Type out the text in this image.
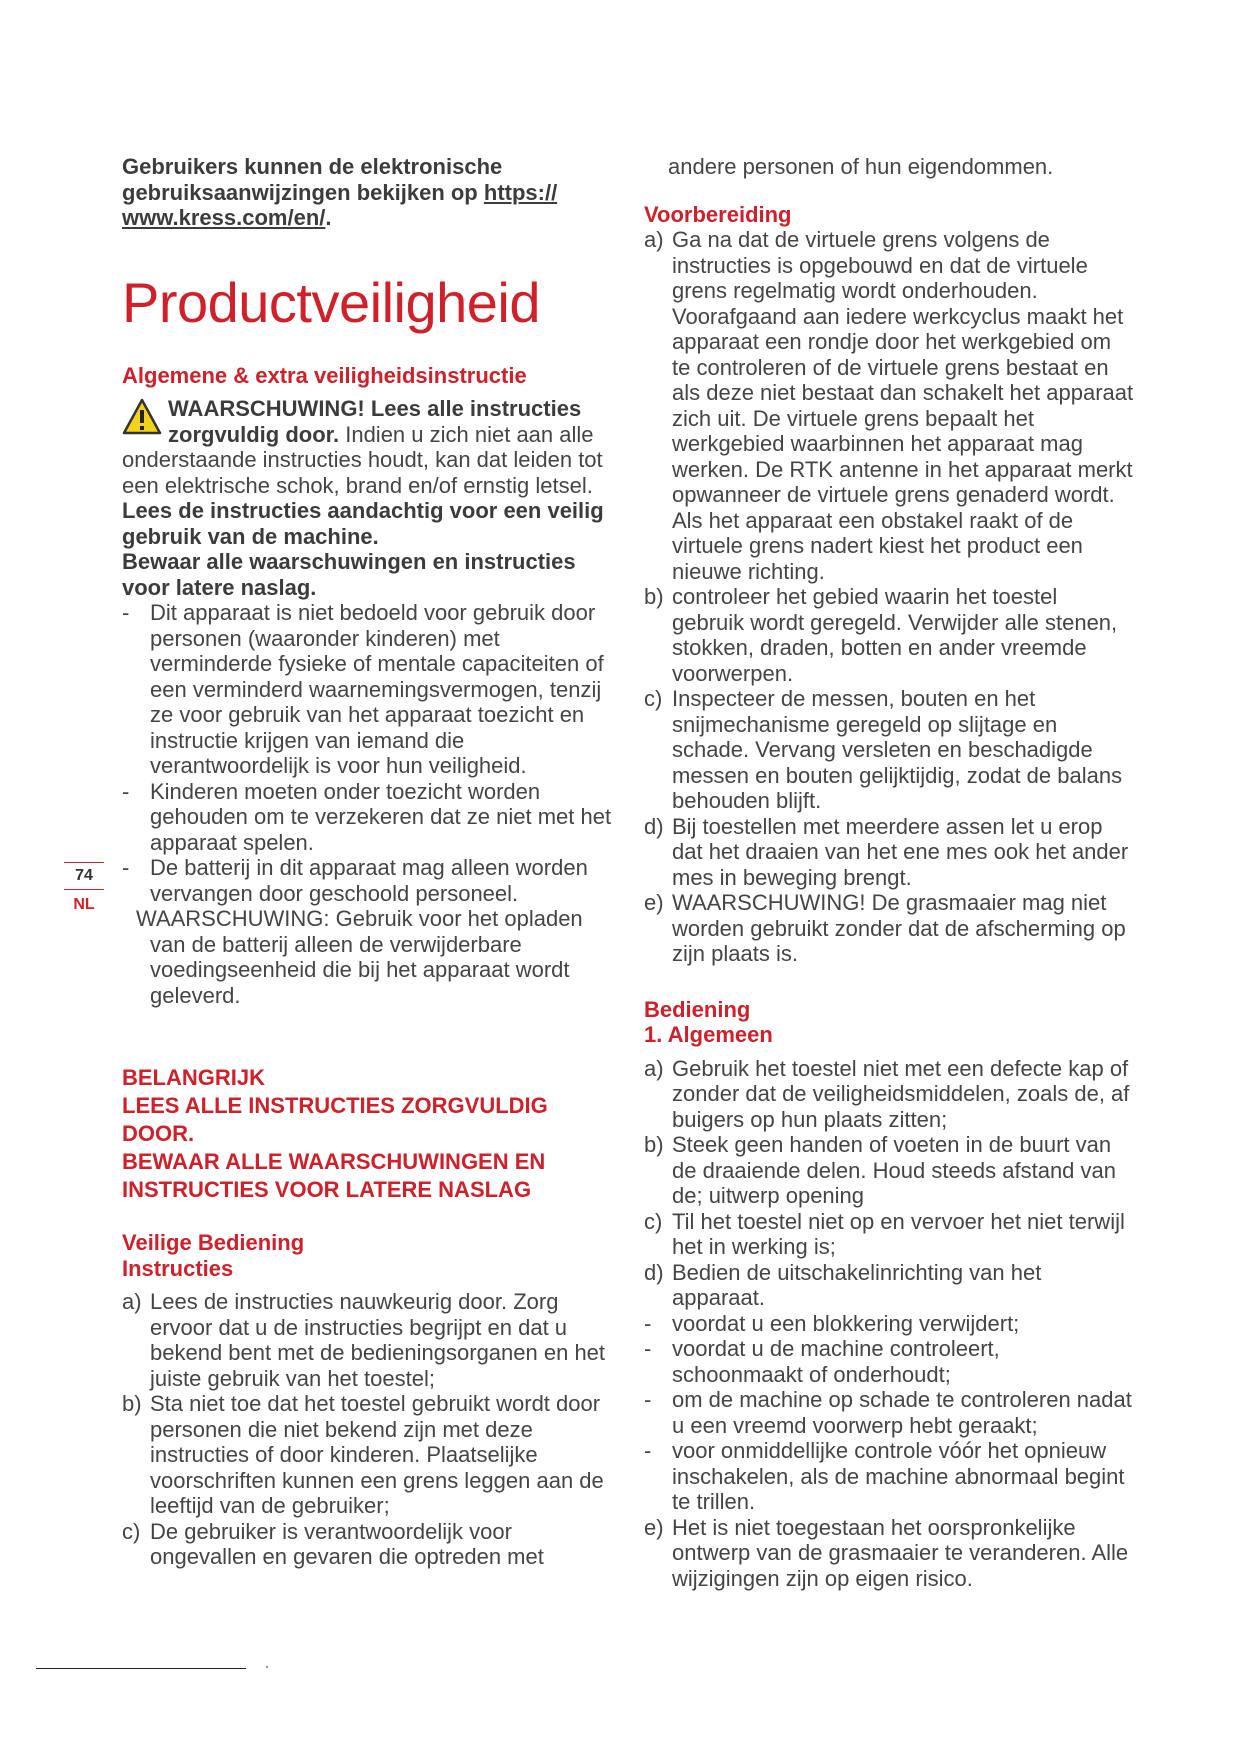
Gebruikers kunnen de elektronische gebruiksaanwijzingen bekijken op https:// www.kress.com/en/.
Productveiligheid
Algemene & extra veiligheidsinstructie
WAARSCHUWING! Lees alle instructies zorgvuldig door. Indien u zich niet aan alle onderstaande instructies houdt, kan dat leiden tot een elektrische schok, brand en/of ernstig letsel.
Lees de instructies aandachtig voor een veilig gebruik van de machine.
Bewaar alle waarschuwingen en instructies voor latere naslag.
- Dit apparaat is niet bedoeld voor gebruik door personen (waaronder kinderen) met verminderde fysieke of mentale capaciteiten of een verminderd waarnemingsvermogen, tenzij ze voor gebruik van het apparaat toezicht en instructie krijgen van iemand die verantwoordelijk is voor hun veiligheid.
- Kinderen moeten onder toezicht worden gehouden om te verzekeren dat ze niet met het apparaat spelen.
- De batterij in dit apparaat mag alleen worden vervangen door geschoold personeel.
WAARSCHUWING: Gebruik voor het opladen van de batterij alleen de verwijderbare voedingseenheid die bij het apparaat wordt geleverd.
BELANGRIJK
LEES ALLE INSTRUCTIES ZORGVULDIG DOOR.
BEWAAR ALLE WAARSCHUWINGEN EN INSTRUCTIES VOOR LATERE NASLAG
Veilige Bediening
Instructies
a) Lees de instructies nauwkeurig door. Zorg ervoor dat u de instructies begrijpt en dat u bekend bent met de bedieningsorganen en het juiste gebruik van het toestel;
b) Sta niet toe dat het toestel gebruikt wordt door personen die niet bekend zijn met deze instructies of door kinderen. Plaatselijke voorschriften kunnen een grens leggen aan de leeftijd van de gebruiker;
c) De gebruiker is verantwoordelijk voor ongevallen en gevaren die optreden met
andere personen of hun eigendommen.
Voorbereiding
a) Ga na dat de virtuele grens volgens de instructies is opgebouwd en dat de virtuele grens regelmatig wordt onderhouden. Voorafgaand aan iedere werkcyclus maakt het apparaat een rondje door het werkgebied om te controleren of de virtuele grens bestaat en als deze niet bestaat dan schakelt het apparaat zich uit. De virtuele grens bepaalt het werkgebied waarbinnen het apparaat mag werken. De RTK antenne in het apparaat merkt opwanneer de virtuele grens genaderd wordt. Als het apparaat een obstakel raakt of de virtuele grens nadert kiest het product een nieuwe richting.
b) controleer het gebied waarin het toestel gebruik wordt geregeld. Verwijder alle stenen, stokken, draden, botten en ander vreemde voorwerpen.
c) Inspecteer de messen, bouten en het snijmechanisme geregeld op slijtage en schade. Vervang versleten en beschadigde messen en bouten gelijktijdig, zodat de balans behouden blijft.
d) Bij toestellen met meerdere assen let u erop dat het draaien van het ene mes ook het ander mes in beweging brengt.
e) WAARSCHUWING! De grasmaaier mag niet worden gebruikt zonder dat de afscherming op zijn plaats is.
Bediening
1. Algemeen
a) Gebruik het toestel niet met een defecte kap of zonder dat de veiligheidsmiddelen, zoals de, af buigers op hun plaats zitten;
b) Steek geen handen of voeten in de buurt van de draaiende delen. Houd steeds afstand van de; uitwerp opening
c) Til het toestel niet op en vervoer het niet terwijl het in werking is;
d) Bedien de uitschakelinrichting van het apparaat.
- voordat u een blokkering verwijdert;
- voordat u de machine controleert, schoonmaakt of onderhoudt;
- om de machine op schade te controleren nadat u een vreemd voorwerp hebt geraakt;
- voor onmiddellijke controle vóór het opnieuw inschakelen, als de machine abnormaal begint te trillen.
e) Het is niet toegestaan het oorspronkelijke ontwerp van de grasmaaier te veranderen. Alle wijzigingen zijn op eigen risico.
74
NL
